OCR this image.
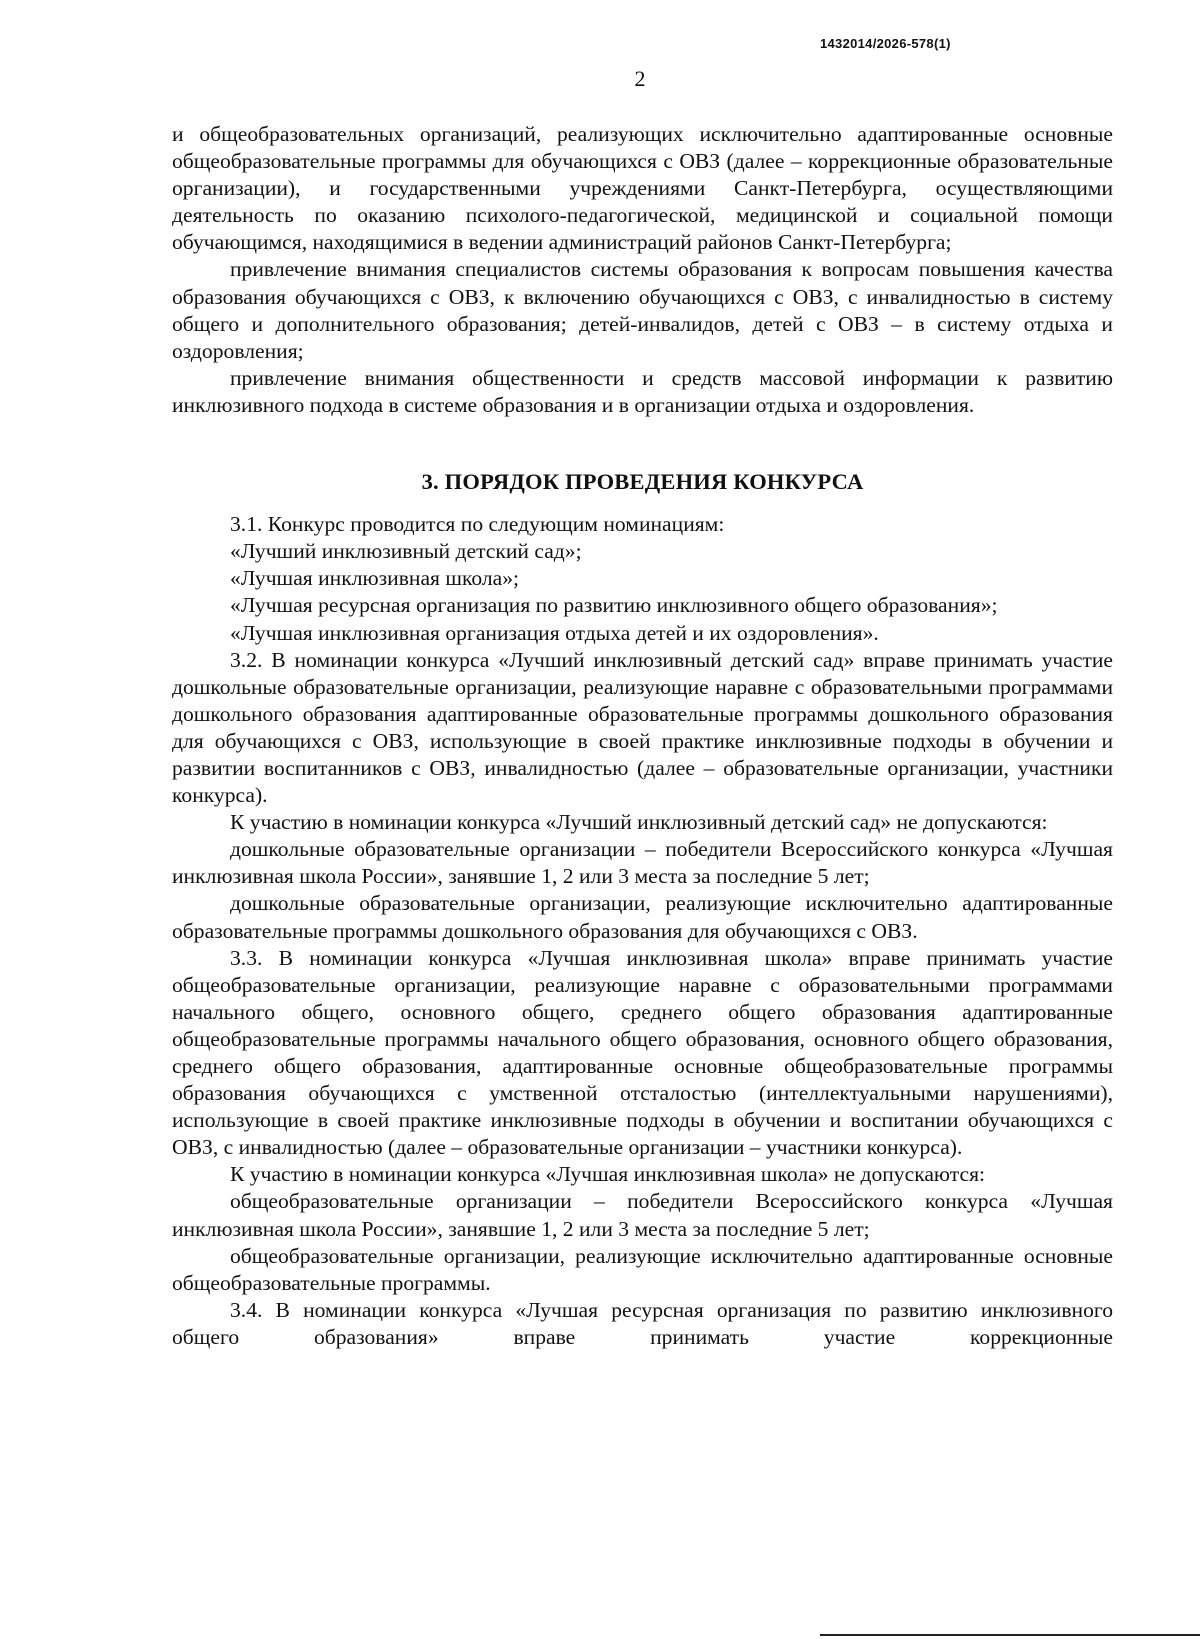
1432014/2026-578(1)
2

и общеобразовательных организаций, реализующих исключительно адаптированные основные общеобразовательные программы для обучающихся с ОВЗ (далее – коррекционные образовательные организации), и государственными учреждениями Санкт-Петербурга, осуществляющими деятельность по оказанию психолого-педагогической, медицинской и социальной помощи обучающимся, находящимися в ведении администраций районов Санкт-Петербурга;

привлечение внимания специалистов системы образования к вопросам повышения качества образования обучающихся с ОВЗ, к включению обучающихся с ОВЗ, с инвалидностью в систему общего и дополнительного образования; детей-инвалидов, детей с ОВЗ – в систему отдыха и оздоровления;

привлечение внимания общественности и средств массовой информации к развитию инклюзивного подхода в системе образования и в организации отдыха и оздоровления.

3. ПОРЯДОК ПРОВЕДЕНИЯ КОНКУРСА

3.1. Конкурс проводится по следующим номинациям:

«Лучший инклюзивный детский сад»;

«Лучшая инклюзивная школа»;

«Лучшая ресурсная организация по развитию инклюзивного общего образования»;

«Лучшая инклюзивная организация отдыха детей и их оздоровления».

3.2. В номинации конкурса «Лучший инклюзивный детский сад» вправе принимать участие дошкольные образовательные организации, реализующие наравне с образовательными программами дошкольного образования адаптированные образовательные программы дошкольного образования для обучающихся с ОВЗ, использующие в своей практике инклюзивные подходы в обучении и развитии воспитанников с ОВЗ, инвалидностью (далее – образовательные организации, участники конкурса).

К участию в номинации конкурса «Лучший инклюзивный детский сад» не допускаются:

дошкольные образовательные организации – победители Всероссийского конкурса «Лучшая инклюзивная школа России», занявшие 1, 2 или 3 места за последние 5 лет;

дошкольные образовательные организации, реализующие исключительно адаптированные образовательные программы дошкольного образования для обучающихся с ОВЗ.

3.3. В номинации конкурса «Лучшая инклюзивная школа» вправе принимать участие общеобразовательные организации, реализующие наравне с образовательными программами начального общего, основного общего, среднего общего образования адаптированные общеобразовательные программы начального общего образования, основного общего образования, среднего общего образования, адаптированные основные общеобразовательные программы образования обучающихся с умственной отсталостью (интеллектуальными нарушениями), использующие в своей практике инклюзивные подходы в обучении и воспитании обучающихся с ОВЗ, с инвалидностью (далее – образовательные организации – участники конкурса).

К участию в номинации конкурса «Лучшая инклюзивная школа» не допускаются:

общеобразовательные организации – победители Всероссийского конкурса «Лучшая инклюзивная школа России», занявшие 1, 2 или 3 места за последние 5 лет;

общеобразовательные организации, реализующие исключительно адаптированные основные общеобразовательные программы.

3.4. В номинации конкурса «Лучшая ресурсная организация по развитию инклюзивного общего образования» вправе принимать участие коррекционные
